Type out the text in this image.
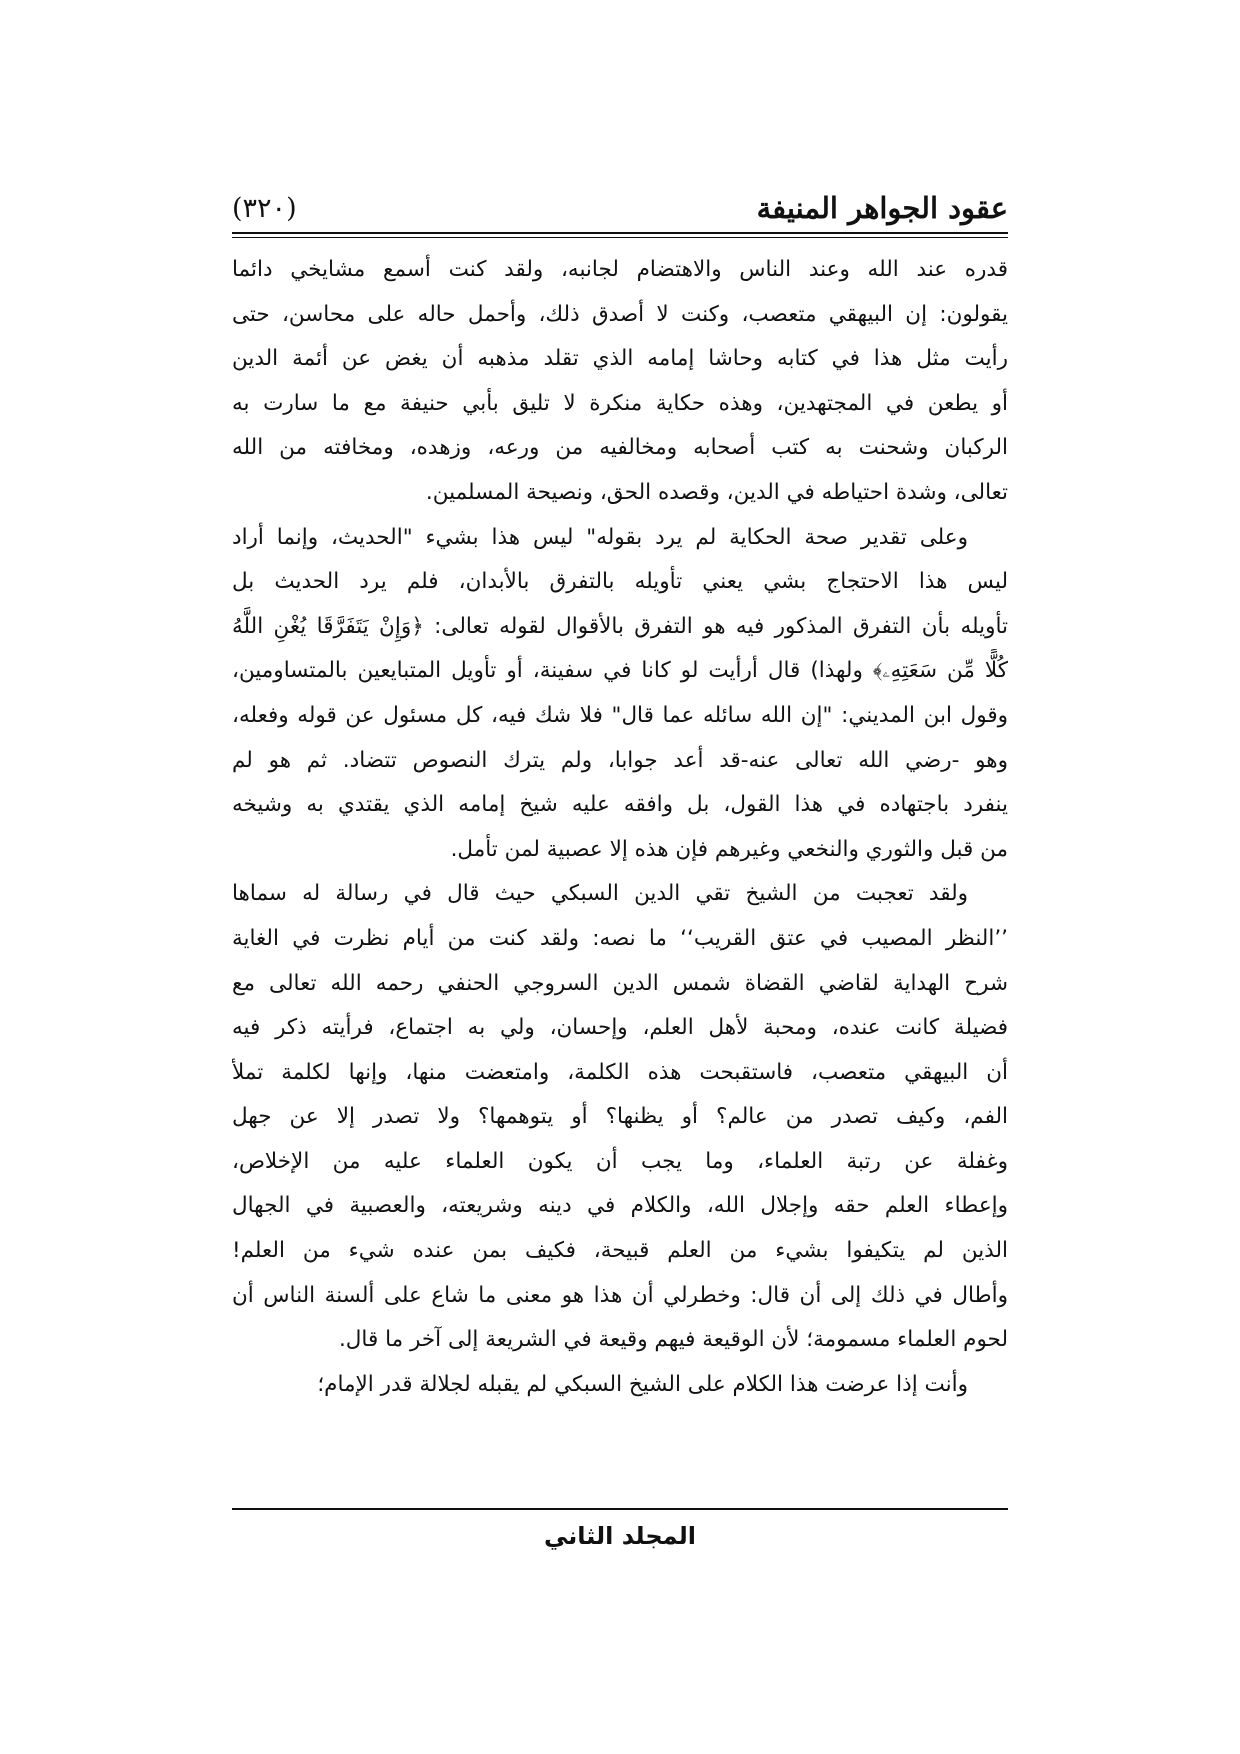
عقود الجواهر المنيفة
(٣٢٠)
قدره عند الله وعند الناس والاهتضام لجانبه، ولقد كنت أسمع مشايخي دائما
يقولون: إن البيهقي متعصب، وكنت لا أصدق ذلك، وأحمل حاله على محاسن، حتى
رأيت مثل هذا في كتابه وحاشا إمامه الذي تقلد مذهبه أن يغض عن أئمة الدين
أو يطعن في المجتهدين، وهذه حكاية منكرة لا تليق بأبي حنيفة مع ما سارت به
الركبان وشحنت به كتب أصحابه ومخالفيه من ورعه، وزهده، ومخافته من الله
تعالى، وشدة احتياطه في الدين، وقصده الحق، ونصيحة المسلمين.
وعلى تقدير صحة الحكاية لم يرد بقوله" ليس هذا بشيء "الحديث، وإنما أراد
ليس هذا الاحتجاج بشي يعني تأويله بالتفرق بالأبدان، فلم يرد الحديث بل
تأويله بأن التفرق المذكور فيه هو التفرق بالأقوال لقوله تعالى: ﴿وَإِنْ يَتَفَرَّقَا يُغْنِ اللَّهُ
كُلًّا مِّن سَعَتِهِۦ﴾ ولهذا) قال أرأيت لو كانا في سفينة، أو تأويل المتبايعين بالمتساومين،
وقول ابن المديني: "إن الله سائله عما قال" فلا شك فيه، كل مسئول عن قوله وفعله،
وهو -رضي الله تعالى عنه-قد أعد جوابا، ولم يترك النصوص تتضاد. ثم هو لم
ينفرد باجتهاده في هذا القول، بل وافقه عليه شيخ إمامه الذي يقتدي به وشيخه
من قبل والثوري والنخعي وغيرهم فإن هذه إلا عصبية لمن تأمل.
ولقد تعجبت من الشيخ تقي الدين السبكي حيث قال في رسالة له سماها
’’النظر المصيب في عتق القريب‘‘ ما نصه: ولقد كنت من أيام نظرت في الغاية
شرح الهداية لقاضي القضاة شمس الدين السروجي الحنفي رحمه الله تعالى مع
فضيلة كانت عنده، ومحبة لأهل العلم، وإحسان، ولي به اجتماع، فرأيته ذكر فيه
أن البيهقي متعصب، فاستقبحت هذه الكلمة، وامتعضت منها، وإنها لكلمة تملأ
الفم، وكيف تصدر من عالم؟ أو يظنها؟ أو يتوهمها؟ ولا تصدر إلا عن جهل
وغفلة عن رتبة العلماء، وما يجب أن يكون العلماء عليه من الإخلاص،
وإعطاء العلم حقه وإجلال الله، والكلام في دينه وشريعته، والعصبية في الجهال
الذين لم يتكيفوا بشيء من العلم قبيحة، فكيف بمن عنده شيء من العلم!
وأطال في ذلك إلى أن قال: وخطرلي أن هذا هو معنى ما شاع على ألسنة الناس أن
لحوم العلماء مسمومة؛ لأن الوقيعة فيهم وقيعة في الشريعة إلى آخر ما قال.
وأنت إذا عرضت هذا الكلام على الشيخ السبكي لم يقبله لجلالة قدر الإمام؛
المجلد الثاني
